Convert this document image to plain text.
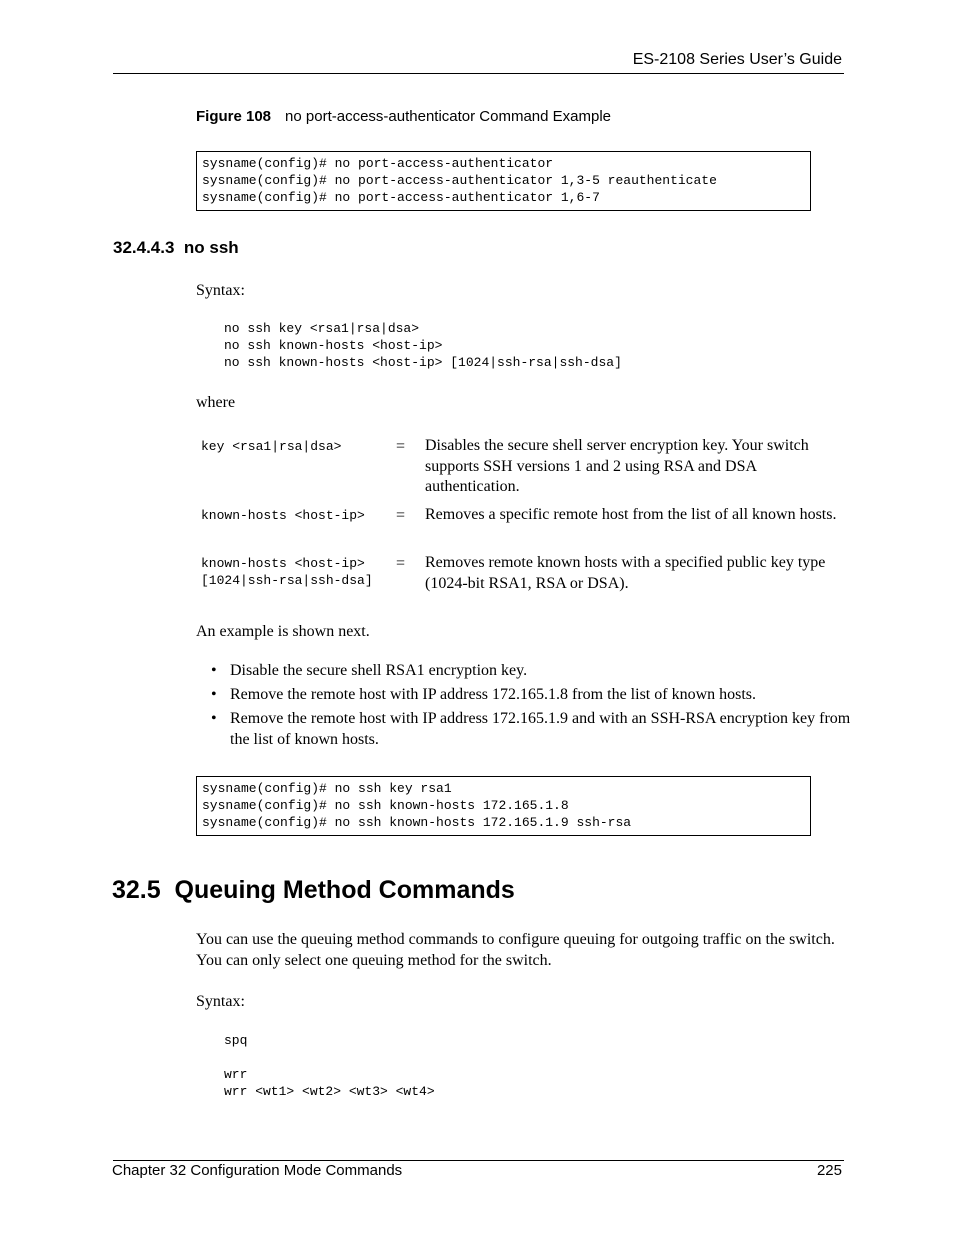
ES-2108 Series User’s Guide
Figure 108 no port-access-authenticator Command Example
sysname(config)# no port-access-authenticator
sysname(config)# no port-access-authenticator 1,3-5 reauthenticate
sysname(config)# no port-access-authenticator 1,6-7
32.4.4.3  no ssh
Syntax:
no ssh key <rsa1|rsa|dsa>
no ssh known-hosts <host-ip>
no ssh known-hosts <host-ip> [1024|ssh-rsa|ssh-dsa]
where
key <rsa1|rsa|dsa>	= Disables the secure shell server encryption key. Your switch supports SSH versions 1 and 2 using RSA and DSA authentication.
known-hosts <host-ip> = Removes a specific remote host from the list of all known hosts.
known-hosts <host-ip>
[1024|ssh-rsa|ssh-dsa]
= Removes remote known hosts with a specified public key type (1024-bit RSA1, RSA or DSA).
An example is shown next.
• Disable the secure shell RSA1 encryption key.
• Remove the remote host with IP address 172.165.1.8 from the list of known hosts.
• Remove the remote host with IP address 172.165.1.9 and with an SSH-RSA encryption key from the list of known hosts.
sysname(config)# no ssh key rsa1
sysname(config)# no ssh known-hosts 172.165.1.8
sysname(config)# no ssh known-hosts 172.165.1.9 ssh-rsa
32.5  Queuing Method Commands
You can use the queuing method commands to configure queuing for outgoing traffic on the switch. You can only select one queuing method for the switch.
Syntax:
spq
wrr
wrr <wt1> <wt2> <wt3> <wt4>
Chapter 32 Configuration Mode Commands	225
